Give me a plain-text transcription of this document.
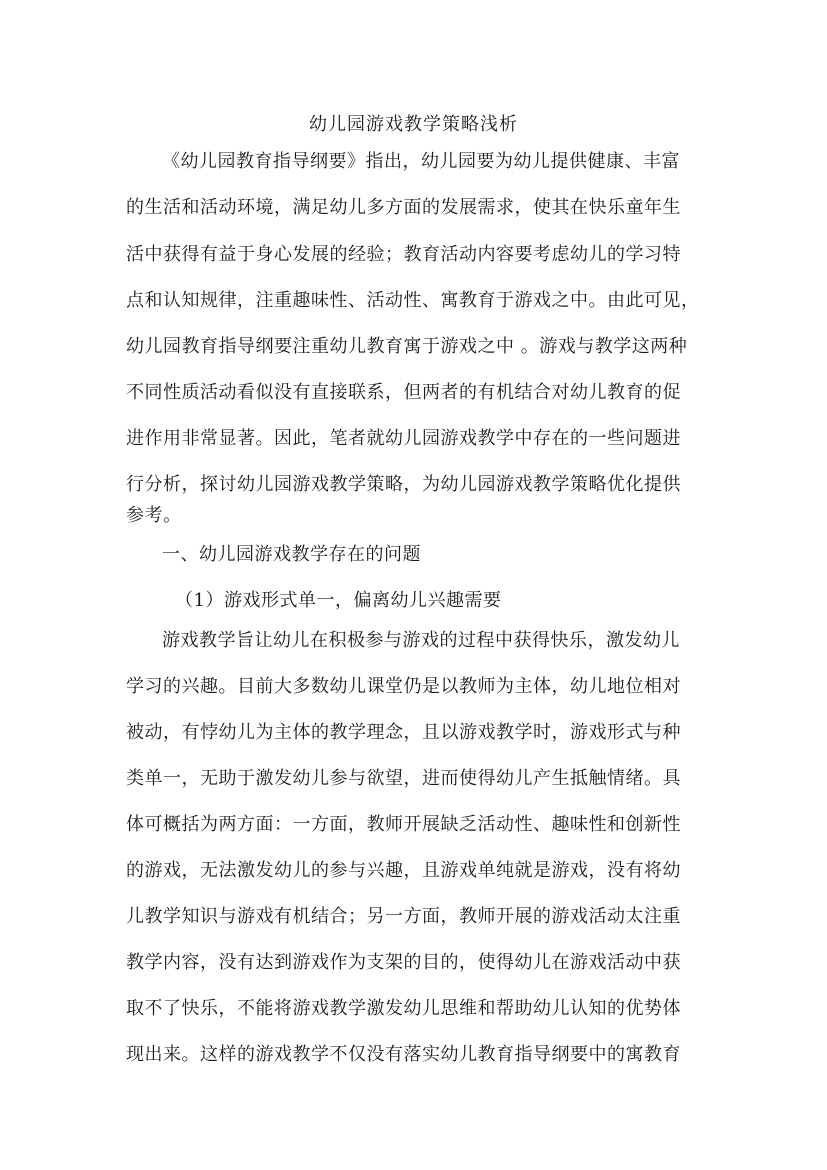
幼儿园游戏教学策略浅析
《幼儿园教育指导纲要》指出，幼儿园要为幼儿提供健康、丰富
的生活和活动环境，满足幼儿多方面的发展需求，使其在快乐童年生
活中获得有益于身心发展的经验；教育活动内容要考虑幼儿的学习特
点和认知规律，注重趣味性、活动性、寓教育于游戏之中。由此可见，
幼儿园教育指导纲要注重幼儿教育寓于游戏之中 。游戏与教学这两种
不同性质活动看似没有直接联系，但两者的有机结合对幼儿教育的促
进作用非常显著。因此，笔者就幼儿园游戏教学中存在的一些问题进
行分析，探讨幼儿园游戏教学策略，为幼儿园游戏教学策略优化提供
参考。
一、幼儿园游戏教学存在的问题
（1）游戏形式单一，偏离幼儿兴趣需要
游戏教学旨让幼儿在积极参与游戏的过程中获得快乐，激发幼儿
学习的兴趣。目前大多数幼儿课堂仍是以教师为主体，幼儿地位相对
被动，有悖幼儿为主体的教学理念，且以游戏教学时，游戏形式与种
类单一，无助于激发幼儿参与欲望，进而使得幼儿产生抵触情绪。具
体可概括为两方面：一方面，教师开展缺乏活动性、趣味性和创新性
的游戏，无法激发幼儿的参与兴趣，且游戏单纯就是游戏，没有将幼
儿教学知识与游戏有机结合；另一方面，教师开展的游戏活动太注重
教学内容，没有达到游戏作为支架的目的，使得幼儿在游戏活动中获
取不了快乐，不能将游戏教学激发幼儿思维和帮助幼儿认知的优势体
现出来。这样的游戏教学不仅没有落实幼儿教育指导纲要中的寓教育
